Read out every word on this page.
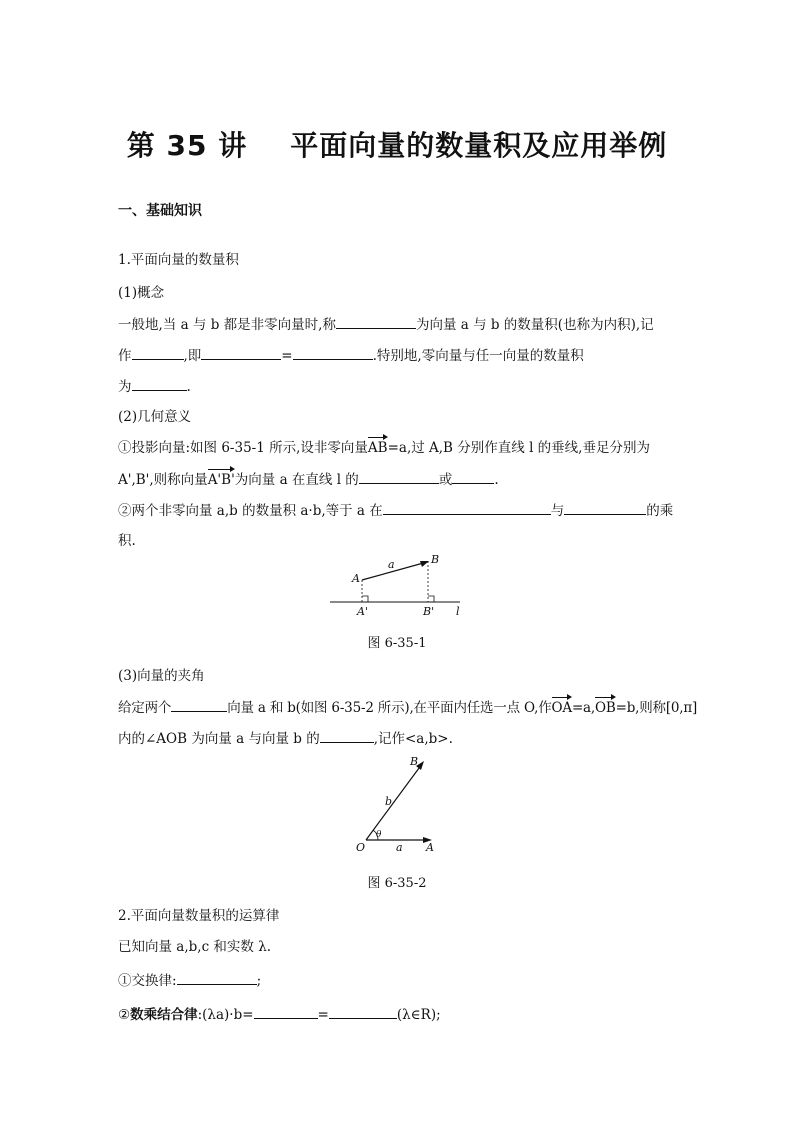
第 35 讲    平面向量的数量积及应用举例
一、基础知识
1.平面向量的数量积
(1)概念
一般地,当 a 与 b 都是非零向量时,称	为向量 a 与 b 的数量积(也称为内积),记
作	,即	=	.特别地,零向量与任一向量的数量积
为	.
(2)几何意义
①投影向量:如图 6-35-1 所示,设非零向量AB=a,过 A,B 分别作直线 l 的垂线,垂足分别为
A',B',则称向量A'B'为向量 a 在直线 l 的	或	.
②两个非零向量 a,b 的数量积 a·b,等于 a 在	与	的乘
积.
A
B
a
A'	B' l
图 6-35-1
(3)向量的夹角
给定两个	向量 a 和 b(如图 6-35-2 所示),在平面内任选一点 O,作OA=a,OB=b,则称[0,π]
内的∠AOB 为向量 a 与向量 b 的	,记作<a,b>.
O	A
B
a
b
θ
图 6-35-2
2.平面向量数量积的运算律
已知向量 a,b,c 和实数 λ.
①交换律:	;
②数乘结合律:(λa)·b=	=	(λ∈R);
